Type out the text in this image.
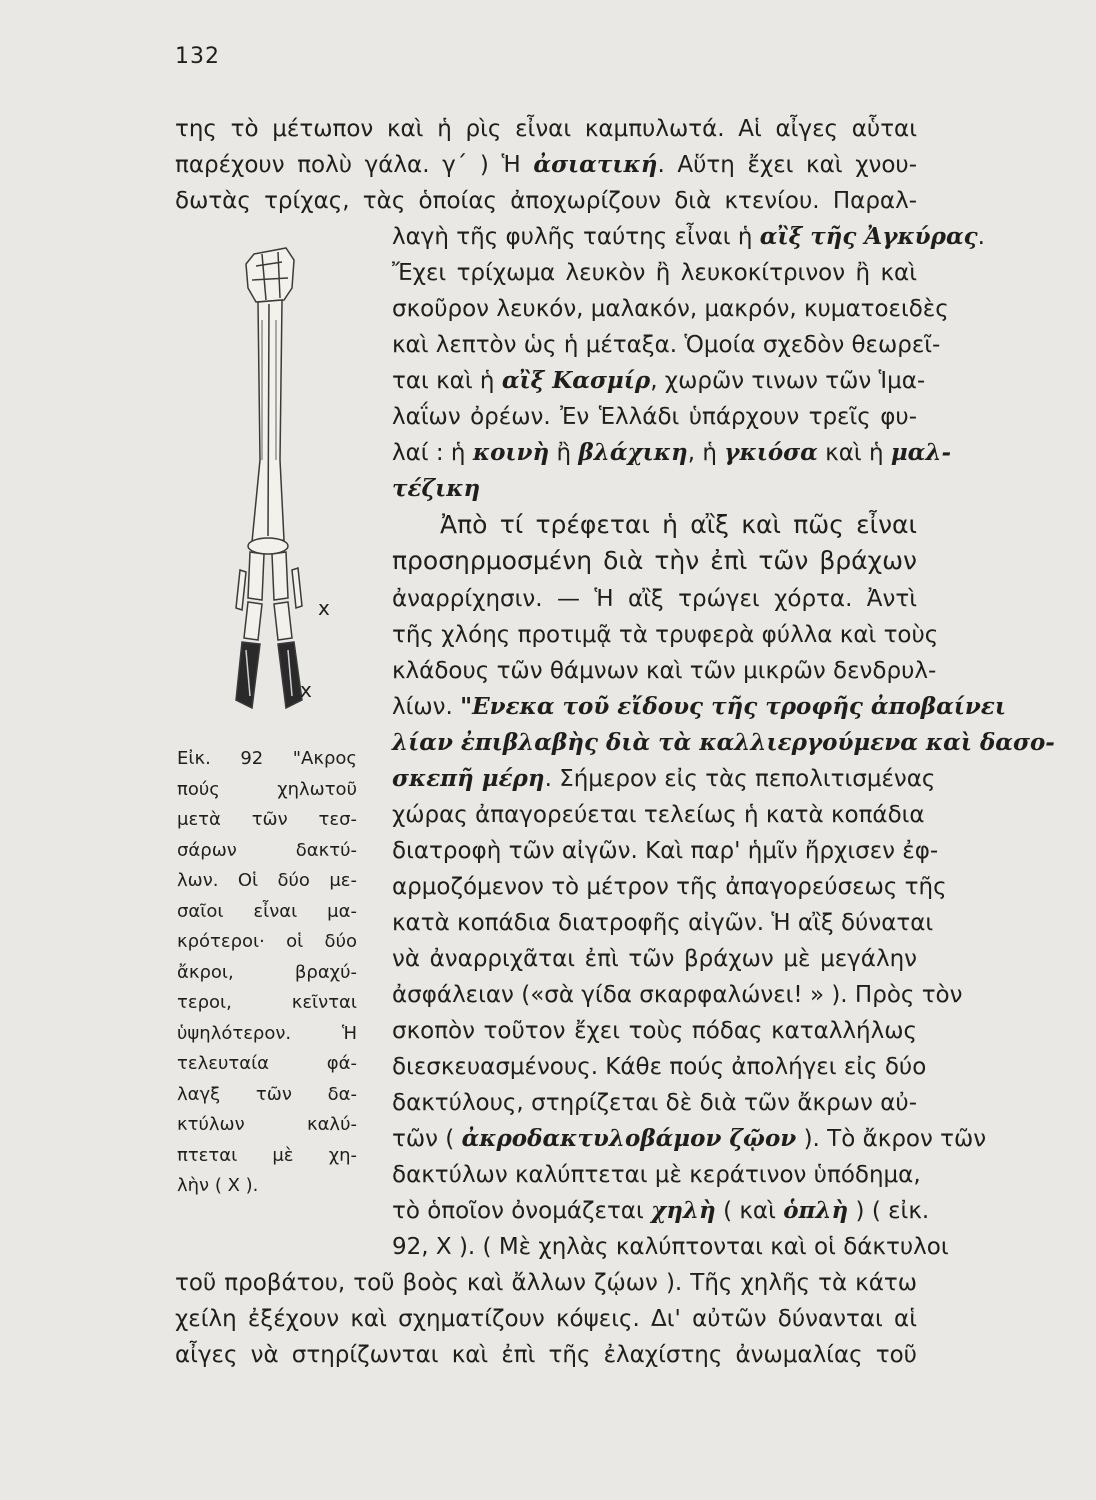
132
x
x
Εἰκ. 92 "Ακρος
πούς χηλωτοῦ
μετὰ τῶν τεσ-
σάρων δακτύ-
λων. Οἱ δύο με-
σαῖοι εἶναι μα-
κρότεροι· οἱ δύο
ἄκροι, βραχύ-
τεροι, κεῖνται
ὑψηλότερον. Ἡ
τελευταία φά-
λαγξ τῶν δα-
κτύλων καλύ-
πτεται μὲ χη-
λὴν ( Χ ).
της τὸ μέτωπον καὶ ἡ ρὶς εἶναι καμπυλωτά. Αἱ αἶγες αὗται
παρέχουν πολὺ γάλα. γ΄ ) Ἡ ἀσιατική. Αὕτη ἔχει καὶ χνου-
δωτὰς τρίχας, τὰς ὁποίας ἀποχωρίζουν διὰ κτενίου. Παραλ-
λαγὴ τῆς φυλῆς ταύτης εἶναι ἡ αἲξ τῆς Ἀγκύρας.
Ἔχει τρίχωμα λευκὸν ἢ λευκοκίτρινον ἢ καὶ
σκοῦρον λευκόν, μαλακόν, μακρόν, κυματοειδὲς
καὶ λεπτὸν ὡς ἡ μέταξα. Ὁμοία σχεδὸν θεωρεῖ-
ται καὶ ἡ αἲξ Κασμίρ, χωρῶν τινων τῶν Ἱμα-
λαΐων ὀρέων. Ἐν Ἑλλάδι ὑπάρχουν τρεῖς φυ-
λαί : ἡ κοινὴ ἢ βλάχικη, ἡ γκιόσα καὶ ἡ μαλ-
τέζικη
Ἀπὸ τί τρέφεται ἡ αἲξ καὶ πῶς εἶναι
προσηρμοσμένη διὰ τὴν ἐπὶ τῶν βράχων
ἀναρρίχησιν. — Ἡ αἲξ τρώγει χόρτα. Ἀντὶ
τῆς χλόης προτιμᾷ τὰ τρυφερὰ φύλλα καὶ τοὺς
κλάδους τῶν θάμνων καὶ τῶν μικρῶν δενδρυλ-
λίων. "Ενεκα τοῦ εἴδους τῆς τροφῆς ἀποβαίνει
λίαν ἐπιβλαβὴς διὰ τὰ καλλιεργούμενα καὶ δασο-
σκεπῆ μέρη. Σήμερον εἰς τὰς πεπολιτισμένας
χώρας ἀπαγορεύεται τελείως ἡ κατὰ κοπάδια
διατροφὴ τῶν αἰγῶν. Καὶ παρ' ἡμῖν ἤρχισεν ἐφ-
αρμοζόμενον τὸ μέτρον τῆς ἀπαγορεύσεως τῆς
κατὰ κοπάδια διατροφῆς αἰγῶν. Ἡ αἲξ δύναται
νὰ ἀναρριχᾶται ἐπὶ τῶν βράχων μὲ μεγάλην
ἀσφάλειαν («σὰ γίδα σκαρφαλώνει! » ). Πρὸς τὸν
σκοπὸν τοῦτον ἔχει τοὺς πόδας καταλλήλως
διεσκευασμένους. Κάθε πούς ἀπολήγει εἰς δύο
δακτύλους, στηρίζεται δὲ διὰ τῶν ἄκρων αὐ-
τῶν ( ἀκροδακτυλοβάμον ζῷον ). Τὸ ἄκρον τῶν
δακτύλων καλύπτεται μὲ κεράτινον ὑπόδημα,
τὸ ὁποῖον ὀνομάζεται χηλὴ ( καὶ ὁπλὴ ) ( εἰκ.
92, Χ ). ( Μὲ χηλὰς καλύπτονται καὶ οἱ δάκτυλοι
τοῦ προβάτου, τοῦ βοὸς καὶ ἄλλων ζῴων ). Τῆς χηλῆς τὰ κάτω
χείλη ἐξέχουν καὶ σχηματίζουν κόψεις. Δι' αὐτῶν δύνανται αἱ
αἶγες νὰ στηρίζωνται καὶ ἐπὶ τῆς ἐλαχίστης ἀνωμαλίας τοῦ
